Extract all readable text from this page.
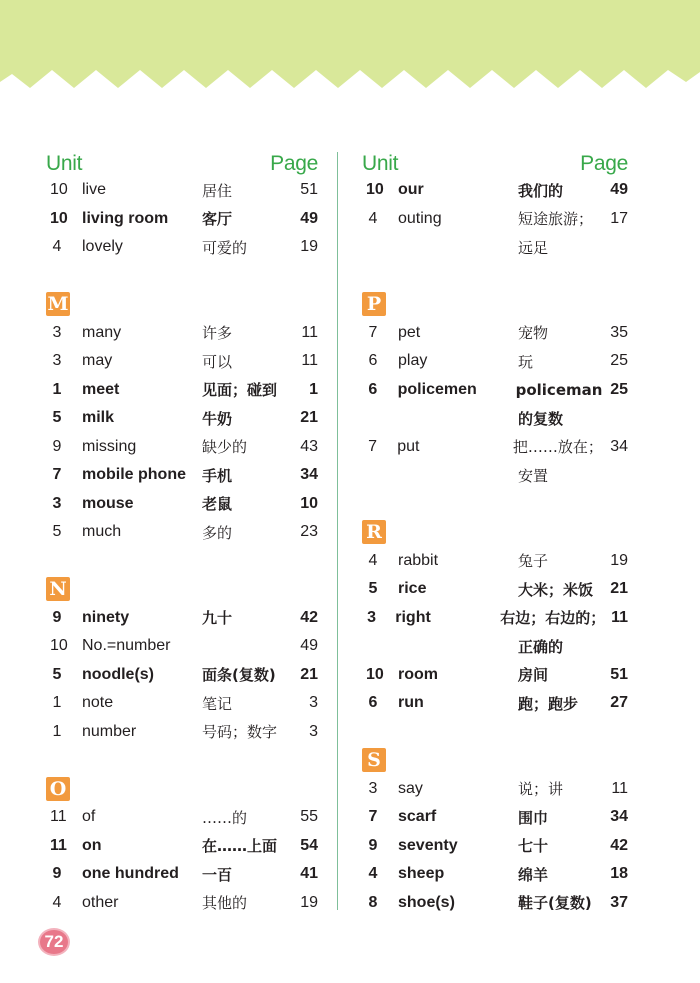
Unit	Page
10 live	居住	51
10 living room	客厅	49
4	lovely	可爱的	19
M
3	many	许多	11
3	may	可以	11
1	meet	见面；碰到	1
5	milk	牛奶	21
9	missing	缺少的	43
7	mobile phone	手机	34
3	mouse	老鼠	10
5	much	多的	23
N
9	ninety	九十	42
10 No.=number	49
5	noodle(s)	面条(复数)	21
1	note	笔记	3
1	number	号码；数字	3
O
11 of	……的	55
11 on	在……上面	54
9	one hundred	一百	41
4	other	其他的	19
Unit	Page
10 our	我们的	49
4	outing	短途旅游；	17
远足
P
7	pet	宠物	35
6	play	玩	25
6	policemen	policeman 25
的复数
7	put	把……放在； 34
安置
R
4	rabbit	兔子	19
5	rice	大米；米饭	21
3	right	右边；右边的； 11
正确的
10 room	房间	51
6	run	跑；跑步	27
S
3	say	说；讲	11
7	scarf	围巾	34
9	seventy	七十	42
4	sheep	绵羊	18
8	shoe(s)	鞋子(复数)	37
72
